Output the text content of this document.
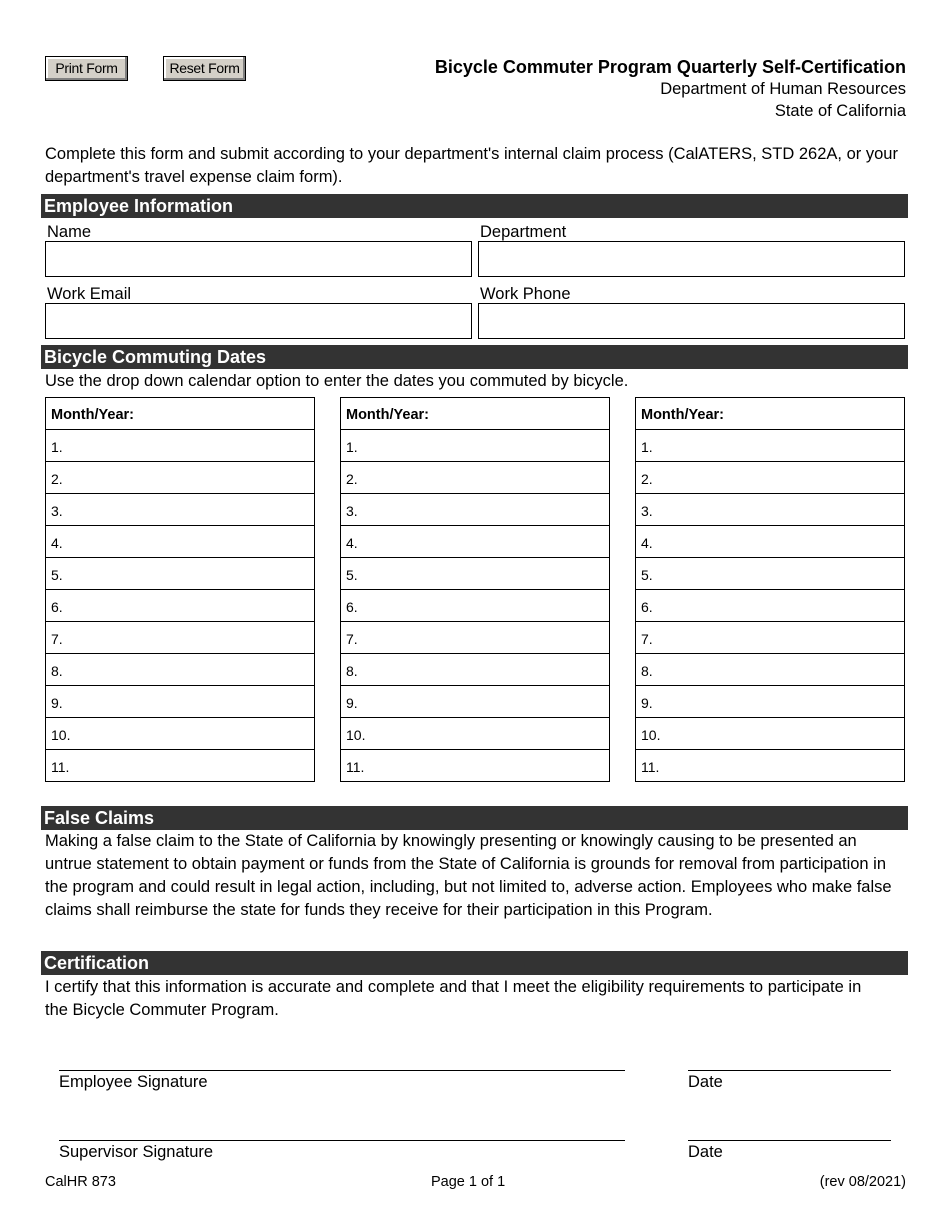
Print Form	Reset Form	Bicycle Commuter Program Quarterly Self-Certification
Department of Human Resources
State of California
Complete this form and submit according to your department's internal claim process (CalATERS, STD 262A, or your department's travel expense claim form).
Employee Information
Name	Department
Work Email	Work Phone
Bicycle Commuting Dates
Use the drop down calendar option to enter the dates you commuted by bicycle.
Month/Year:
1.
2.
3.
4.
5.
6.
7.
8.
9.
10.
11.
Month/Year:
1.
2.
3.
4.
5.
6.
7.
8.
9.
10.
11.
Month/Year:
1.
2.
3.
4.
5.
6.
7.
8.
9.
10.
11.
False Claims
Making a false claim to the State of California by knowingly presenting or knowingly causing to be presented an untrue statement to obtain payment or funds from the State of California is grounds for removal from participation in the program and could result in legal action, including, but not limited to, adverse action. Employees who make false claims shall reimburse the state for funds they receive for their participation in this Program.
Certification
I certify that this information is accurate and complete and that I meet the eligibility requirements to participate in the Bicycle Commuter Program.
Employee Signature	Date
Supervisor Signature	Date
CalHR 873	Page 1 of 1	(rev 08/2021)
